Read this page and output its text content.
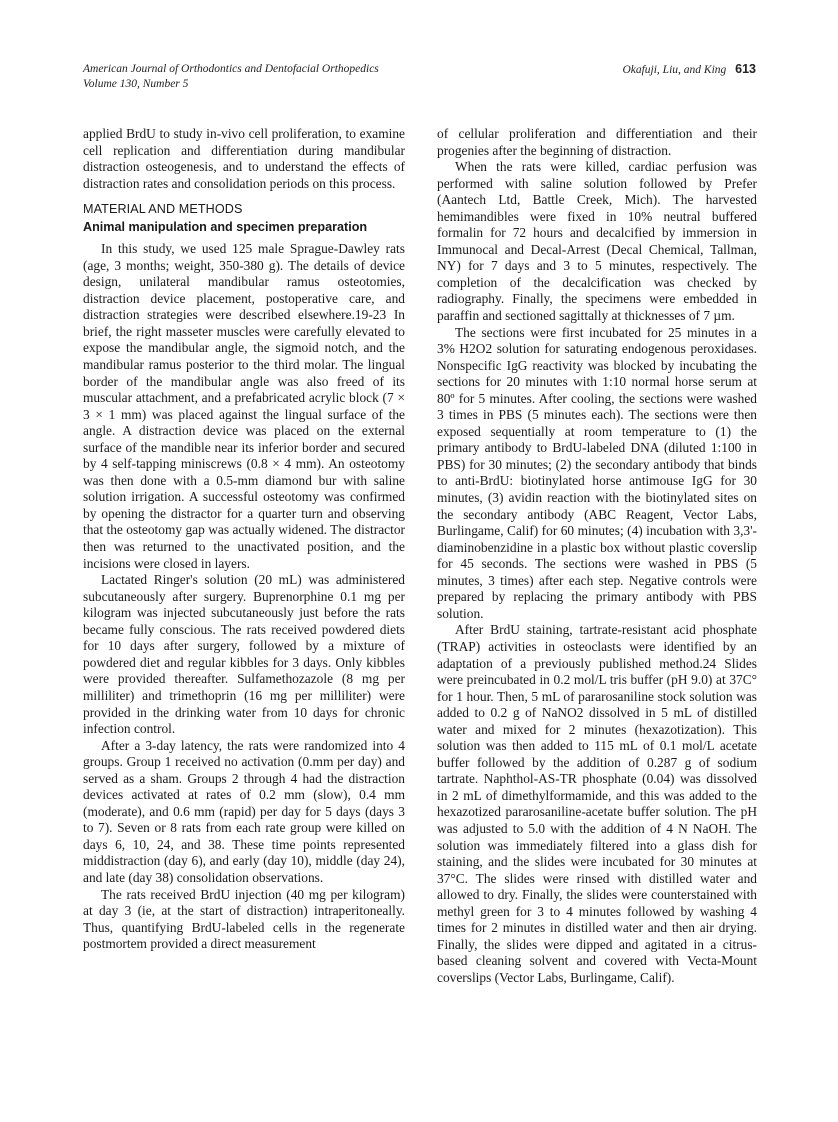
American Journal of Orthodontics and Dentofacial Orthopedics
Volume 130, Number 5
Okafuji, Liu, and King 613

applied BrdU to study in-vivo cell proliferation, to examine cell replication and differentiation during mandibular distraction osteogenesis, and to understand the effects of distraction rates and consolidation periods on this process.

MATERIAL AND METHODS
Animal manipulation and specimen preparation

In this study, we used 125 male Sprague-Dawley rats (age, 3 months; weight, 350-380 g). The details of device design, unilateral mandibular ramus osteotomies, distraction device placement, postoperative care, and distraction strategies were described elsewhere.19-23 In brief, the right masseter muscles were carefully elevated to expose the mandibular angle, the sigmoid notch, and the mandibular ramus posterior to the third molar. The lingual border of the mandibular angle was also freed of its muscular attachment, and a prefabricated acrylic block (7 × 3 × 1 mm) was placed against the lingual surface of the angle. A distraction device was placed on the external surface of the mandible near its inferior border and secured by 4 self-tapping miniscrews (0.8 × 4 mm). An osteotomy was then done with a 0.5-mm diamond bur with saline solution irrigation. A successful osteotomy was confirmed by opening the distractor for a quarter turn and observing that the osteotomy gap was actually widened. The distractor then was returned to the unactivated position, and the incisions were closed in layers.

Lactated Ringer's solution (20 mL) was administered subcutaneously after surgery. Buprenorphine 0.1 mg per kilogram was injected subcutaneously just before the rats became fully conscious. The rats received powdered diets for 10 days after surgery, followed by a mixture of powdered diet and regular kibbles for 3 days. Only kibbles were provided thereafter. Sulfamethozazole (8 mg per milliliter) and trimethoprin (16 mg per milliliter) were provided in the drinking water from 10 days for chronic infection control.

After a 3-day latency, the rats were randomized into 4 groups. Group 1 received no activation (0.mm per day) and served as a sham. Groups 2 through 4 had the distraction devices activated at rates of 0.2 mm (slow), 0.4 mm (moderate), and 0.6 mm (rapid) per day for 5 days (days 3 to 7). Seven or 8 rats from each rate group were killed on days 6, 10, 24, and 38. These time points represented middistraction (day 6), and early (day 10), middle (day 24), and late (day 38) consolidation observations.

The rats received BrdU injection (40 mg per kilogram) at day 3 (ie, at the start of distraction) intraperitoneally. Thus, quantifying BrdU-labeled cells in the regenerate postmortem provided a direct measurement

of cellular proliferation and differentiation and their progenies after the beginning of distraction.

When the rats were killed, cardiac perfusion was performed with saline solution followed by Prefer (Aantech Ltd, Battle Creek, Mich). The harvested hemimandibles were fixed in 10% neutral buffered formalin for 72 hours and decalcified by immersion in Immunocal and Decal-Arrest (Decal Chemical, Tallman, NY) for 7 days and 3 to 5 minutes, respectively. The completion of the decalcification was checked by radiography. Finally, the specimens were embedded in paraffin and sectioned sagittally at thicknesses of 7 µm.

The sections were first incubated for 25 minutes in a 3% H2O2 solution for saturating endogenous peroxidases. Nonspecific IgG reactivity was blocked by incubating the sections for 20 minutes with 1:10 normal horse serum at 80º for 5 minutes. After cooling, the sections were washed 3 times in PBS (5 minutes each). The sections were then exposed sequentially at room temperature to (1) the primary antibody to BrdU-labeled DNA (diluted 1:100 in PBS) for 30 minutes; (2) the secondary antibody that binds to anti-BrdU: biotinylated horse antimouse IgG for 30 minutes, (3) avidin reaction with the biotinylated sites on the secondary antibody (ABC Reagent, Vector Labs, Burlingame, Calif) for 60 minutes; (4) incubation with 3,3'-diaminobenzidine in a plastic box without plastic coverslip for 45 seconds. The sections were washed in PBS (5 minutes, 3 times) after each step. Negative controls were prepared by replacing the primary antibody with PBS solution.

After BrdU staining, tartrate-resistant acid phosphate (TRAP) activities in osteoclasts were identified by an adaptation of a previously published method.24 Slides were preincubated in 0.2 mol/L tris buffer (pH 9.0) at 37C° for 1 hour. Then, 5 mL of pararosaniline stock solution was added to 0.2 g of NaNO2 dissolved in 5 mL of distilled water and mixed for 2 minutes (hexazotization). This solution was then added to 115 mL of 0.1 mol/L acetate buffer followed by the addition of 0.287 g of sodium tartrate. Naphthol-AS-TR phosphate (0.04) was dissolved in 2 mL of dimethylformamide, and this was added to the hexazotized pararosaniline-acetate buffer solution. The pH was adjusted to 5.0 with the addition of 4 N NaOH. The solution was immediately filtered into a glass dish for staining, and the slides were incubated for 30 minutes at 37°C. The slides were rinsed with distilled water and allowed to dry. Finally, the slides were counterstained with methyl green for 3 to 4 minutes followed by washing 4 times for 2 minutes in distilled water and then air drying. Finally, the slides were dipped and agitated in a citrus-based cleaning solvent and covered with Vecta-Mount coverslips (Vector Labs, Burlingame, Calif).
